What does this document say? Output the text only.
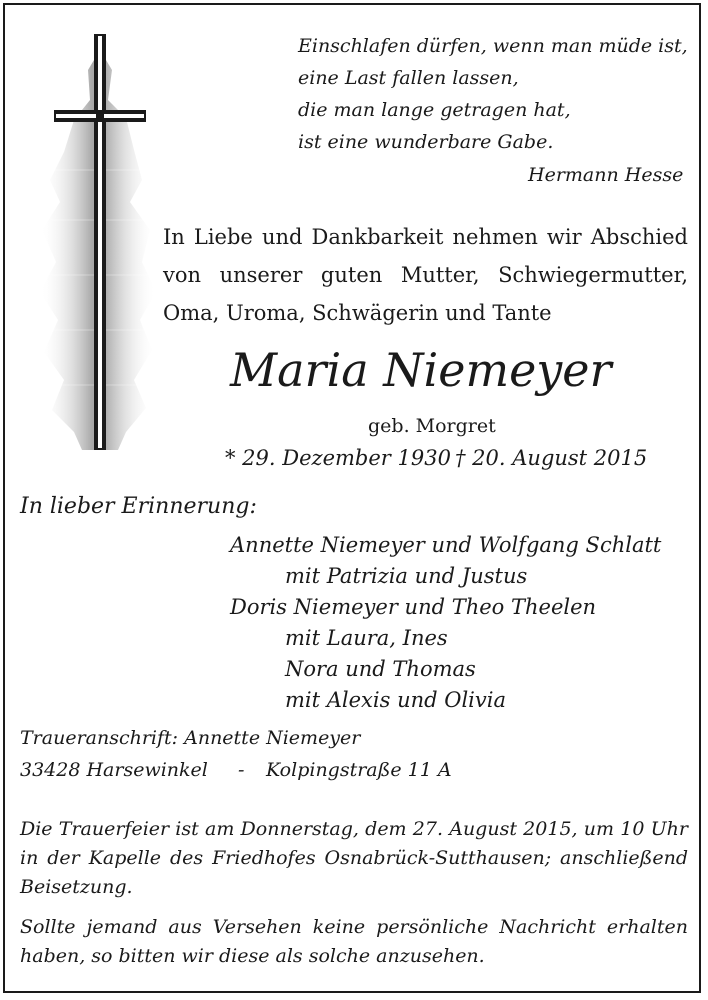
Einschlafen dürfen, wenn man müde ist,
eine Last fallen lassen,
die man lange getragen hat,
ist eine wunderbare Gabe.
Hermann Hesse
In Liebe und Dankbarkeit nehmen wir Abschied
von unserer guten Mutter, Schwiegermutter,
Oma, Uroma, Schwägerin und Tante
Maria Niemeyer
geb. Morgret
* 29. Dezember 1930 † 20. August 2015
In lieber Erinnerung:
Annette Niemeyer und Wolfgang Schlatt
mit Patrizia und Justus
Doris Niemeyer und Theo Theelen
mit Laura, Ines
Nora und Thomas
mit Alexis und Olivia
Traueranschrift: Annette Niemeyer
33428 Harsewinkel - Kolpingstraße 11 A
Die Trauerfeier ist am Donnerstag, dem 27. August 2015, um 10 Uhr in der Kapelle des Friedhofes Osnabrück-Sutthausen; anschließend Beisetzung.
Sollte jemand aus Versehen keine persönliche Nachricht erhalten haben, so bitten wir diese als solche anzusehen.
